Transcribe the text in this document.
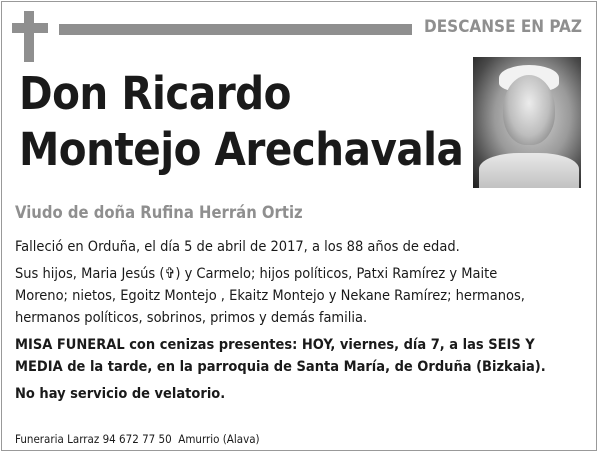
DESCANSE EN PAZ
Don Ricardo
Montejo Arechavala
Viudo de doña Rufina Herrán Ortiz

Falleció en Orduña, el día 5 de abril de 2017, a los 88 años de edad.

Sus hijos, Maria Jesús (✞) y Carmelo; hijos políticos, Patxi Ramírez y Maite
Moreno; nietos, Egoitz Montejo , Ekaitz Montejo y Nekane Ramírez; hermanos,
hermanos políticos, sobrinos, primos y demás familia.

MISA FUNERAL con cenizas presentes: HOY, viernes, día 7, a las SEIS Y
MEDIA de la tarde, en la parroquia de Santa María, de Orduña (Bizkaia).

No hay servicio de velatorio.

Funeraria Larraz 94 672 77 50  Amurrio (Alava)
